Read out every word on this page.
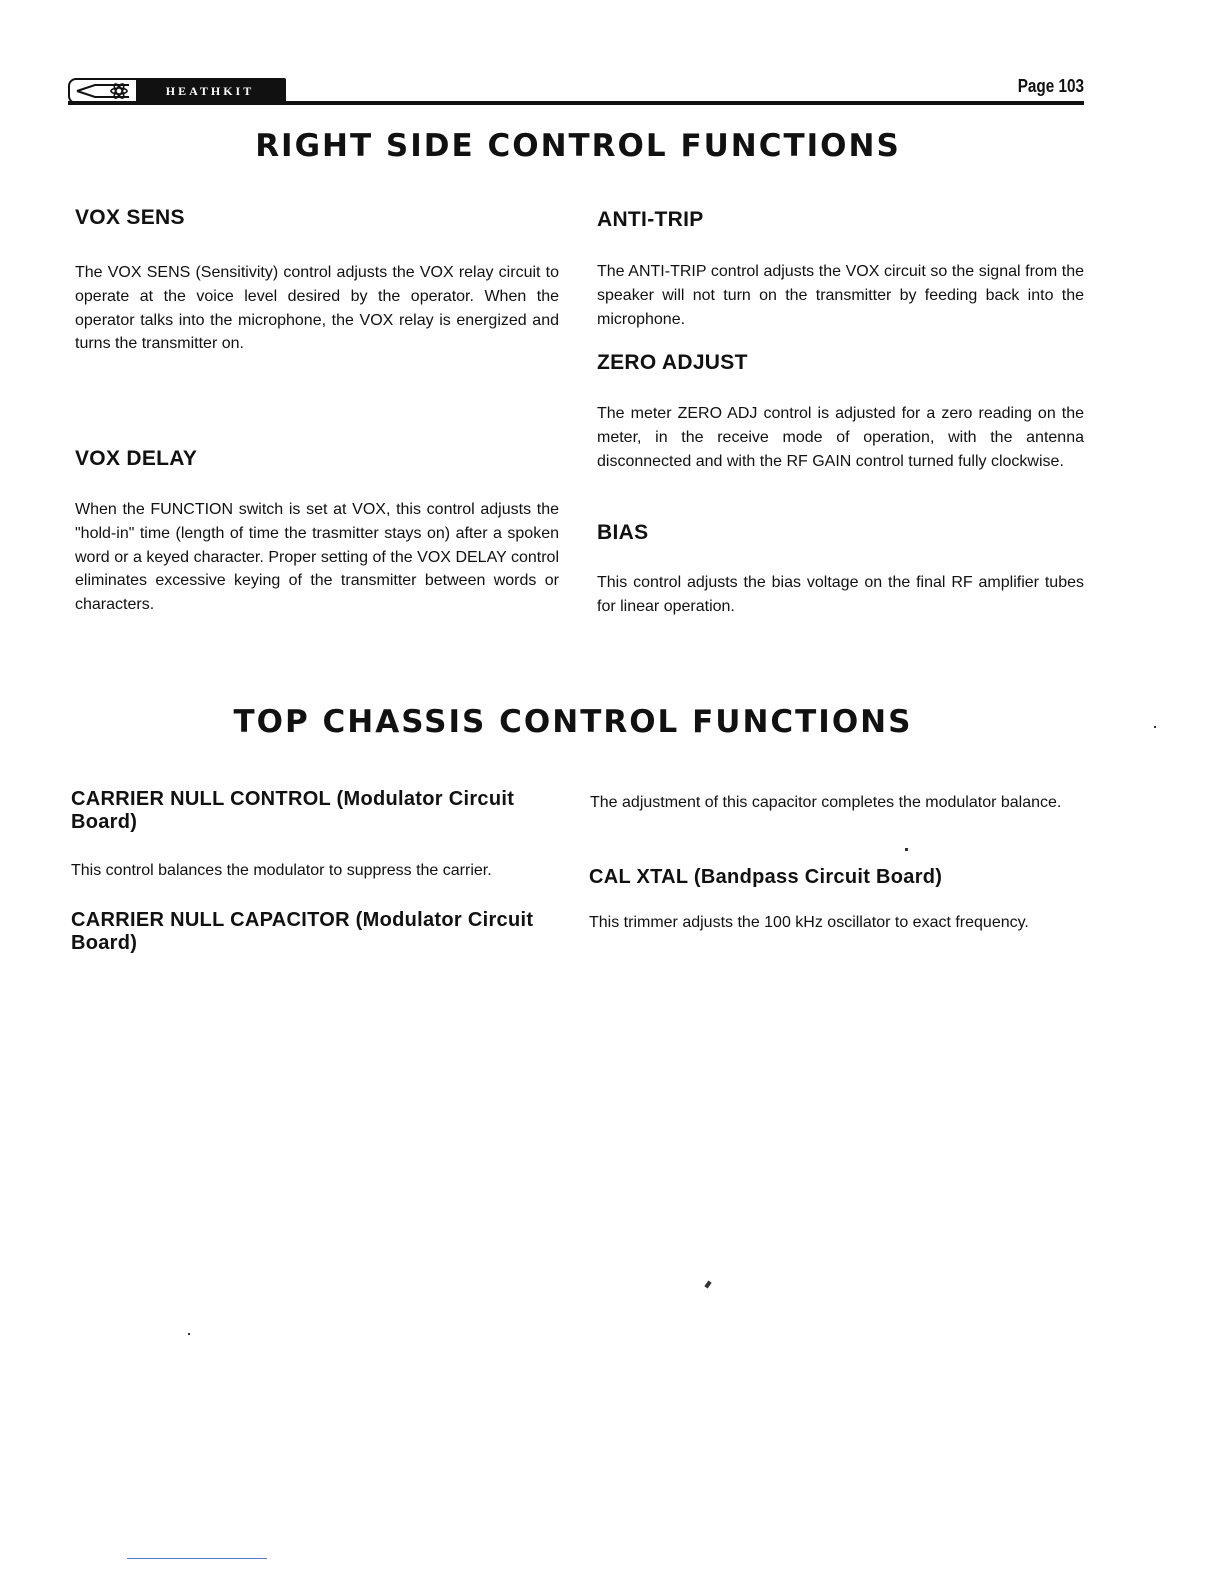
HEATHKIT	Page 103
RIGHT SIDE CONTROL FUNCTIONS
VOX SENS

The VOX SENS (Sensitivity) control adjusts the VOX relay circuit to operate at the voice level desired by the operator. When the operator talks into the microphone, the VOX relay is energized and turns the transmitter on.

VOX DELAY

When the FUNCTION switch is set at VOX, this control adjusts the "hold-in" time (length of time the trasmitter stays on) after a spoken word or a keyed character. Proper setting of the VOX DELAY control eliminates excessive keying of the transmitter between words or characters.

ANTI-TRIP

The ANTI-TRIP control adjusts the VOX circuit so the signal from the speaker will not turn on the transmitter by feeding back into the microphone.

ZERO ADJUST

The meter ZERO ADJ control is adjusted for a zero reading on the meter, in the receive mode of operation, with the antenna disconnected and with the RF GAIN control turned fully clockwise.

BIAS

This control adjusts the bias voltage on the final RF amplifier tubes for linear operation.

TOP CHASSIS CONTROL FUNCTIONS
CARRIER NULL CONTROL (Modulator Circuit Board)

This control balances the modulator to suppress the carrier.

CARRIER NULL CAPACITOR (Modulator Circuit Board)

The adjustment of this capacitor completes the modulator balance.

CAL XTAL (Bandpass Circuit Board)

This trimmer adjusts the 100 kHz oscillator to exact frequency.
